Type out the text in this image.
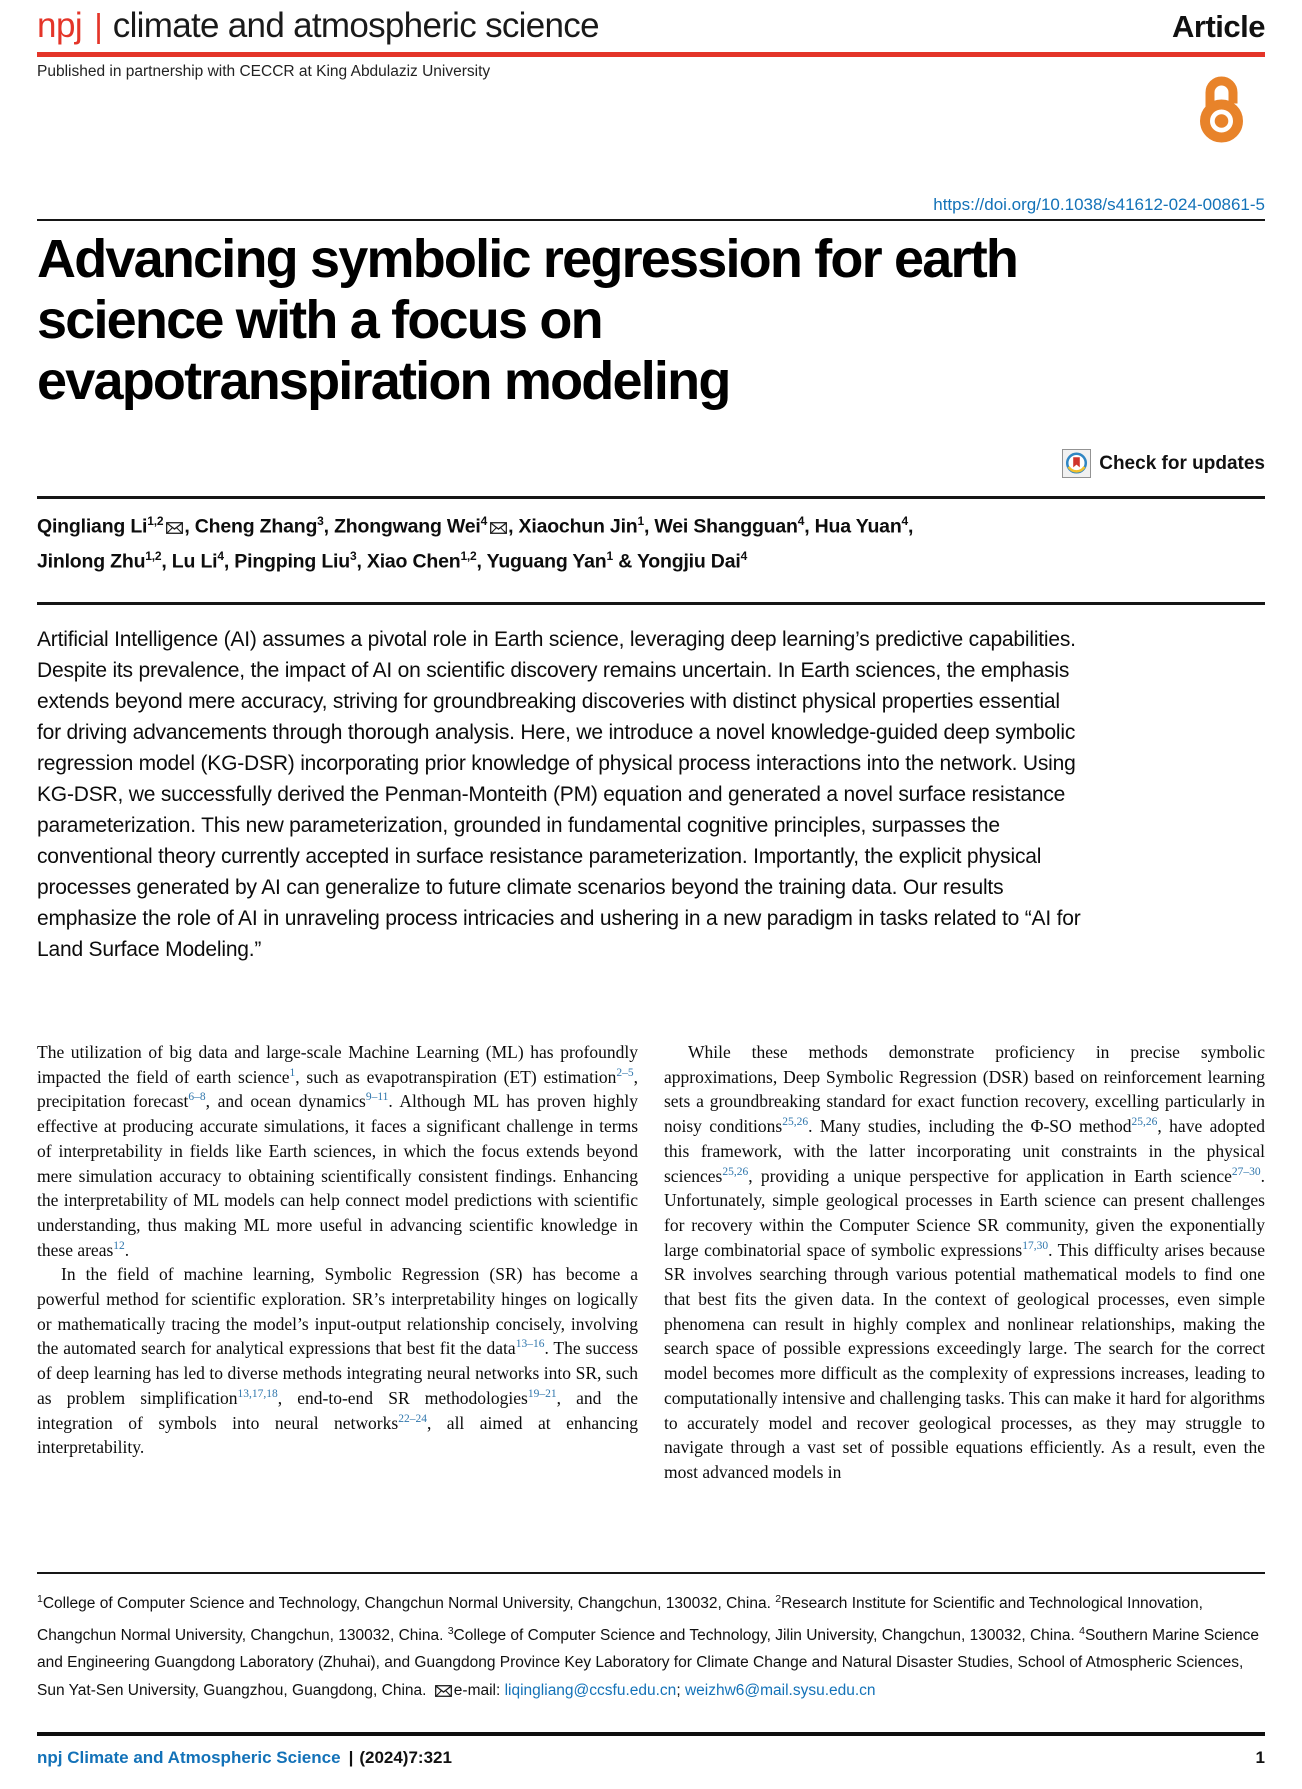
npj | climate and atmospheric science	Article
Published in partnership with CECCR at King Abdulaziz University
https://doi.org/10.1038/s41612-024-00861-5
Advancing symbolic regression for earth
science with a focus on
evapotranspiration modeling
Check for updates
Qingliang Li$^{1,2}$ , Cheng Zhang$^3$, Zhongwang Wei$^4$ , Xiaochun Jin$^1$, Wei Shangguan$^4$, Hua Yuan$^4$,
Jinlong Zhu$^{1,2}$, Lu Li$^4$, Pingping Liu$^3$, Xiao Chen$^{1,2}$, Yuguang Yan$^1$ & Yongjiu Dai$^4$
Artificial Intelligence (AI) assumes a pivotal role in Earth science, leveraging deep learning’s predictive capabilities. Despite its prevalence, the impact of AI on scientific discovery remains uncertain. In Earth sciences, the emphasis extends beyond mere accuracy, striving for groundbreaking discoveries with distinct physical properties essential for driving advancements through thorough analysis. Here, we introduce a novel knowledge-guided deep symbolic regression model (KG-DSR) incorporating prior knowledge of physical process interactions into the network. Using KG-DSR, we successfully derived the Penman-Monteith (PM) equation and generated a novel surface resistance parameterization. This new parameterization, grounded in fundamental cognitive principles, surpasses the conventional theory currently accepted in surface resistance parameterization. Importantly, the explicit physical processes generated by AI can generalize to future climate scenarios beyond the training data. Our results emphasize the role of AI in unraveling process intricacies and ushering in a new paradigm in tasks related to “AI for Land Surface Modeling.”

The utilization of big data and large-scale Machine Learning (ML) has profoundly impacted the field of earth science$^1$, such as evapotranspiration (ET) estimation$^{2-5}$, precipitation forecast$^{6-8}$, and ocean dynamics$^{9-11}$. Although ML has proven highly effective at producing accurate simulations, it faces a significant challenge in terms of interpretability in fields like Earth sciences, in which the focus extends beyond mere simulation accuracy to obtaining scientifically consistent findings. Enhancing the interpretability of ML models can help connect model predictions with scientific understanding, thus making ML more useful in advancing scientific knowledge in these areas$^{12}$.

In the field of machine learning, Symbolic Regression (SR) has become a powerful method for scientific exploration. SR’s interpretability hinges on logically or mathematically tracing the model’s input-output relationship concisely, involving the automated search for analytical expressions that best fit the data$^{13-16}$. The success of deep learning has led to diverse methods integrating neural networks into SR, such as problem simplification$^{13,17,18}$, end-to-end SR methodologies$^{19-21}$, and the integration of symbols into neural networks$^{22-24}$, all aimed at enhancing interpretability.

While these methods demonstrate proficiency in precise symbolic approximations, Deep Symbolic Regression (DSR) based on reinforcement learning sets a groundbreaking standard for exact function recovery, excelling particularly in noisy conditions$^{25,26}$. Many studies, including the Φ-SO method$^{25,26}$, have adopted this framework, with the latter incorporating unit constraints in the physical sciences$^{25,26}$, providing a unique perspective for application in Earth science$^{27-30}$. Unfortunately, simple geological processes in Earth science can present challenges for recovery within the Computer Science SR community, given the exponentially large combinatorial space of symbolic expressions$^{17,30}$. This difficulty arises because SR involves searching through various potential mathematical models to find one that best fits the given data. In the context of geological processes, even simple phenomena can result in highly complex and nonlinear relationships, making the search space of possible expressions exceedingly large. The search for the correct model becomes more difficult as the complexity of expressions increases, leading to computationally intensive and challenging tasks. This can make it hard for algorithms to accurately model and recover geological processes, as they may struggle to navigate through a vast set of possible equations efficiently. As a result, even the most advanced models in

$^1$College of Computer Science and Technology, Changchun Normal University, Changchun, 130032, China. $^2$Research Institute for Scientific and Technological Innovation, Changchun Normal University, Changchun, 130032, China. $^3$College of Computer Science and Technology, Jilin University, Changchun, 130032, China. $^4$Southern Marine Science and Engineering Guangdong Laboratory (Zhuhai), and Guangdong Province Key Laboratory for Climate Change and Natural Disaster Studies, School of Atmospheric Sciences, Sun Yat-Sen University, Guangzhou, Guangdong, China. e-mail: liqingliang@ccsfu.edu.cn; weizhw6@mail.sysu.edu.cn
npj Climate and Atmospheric Science | (2024)7:321	1
